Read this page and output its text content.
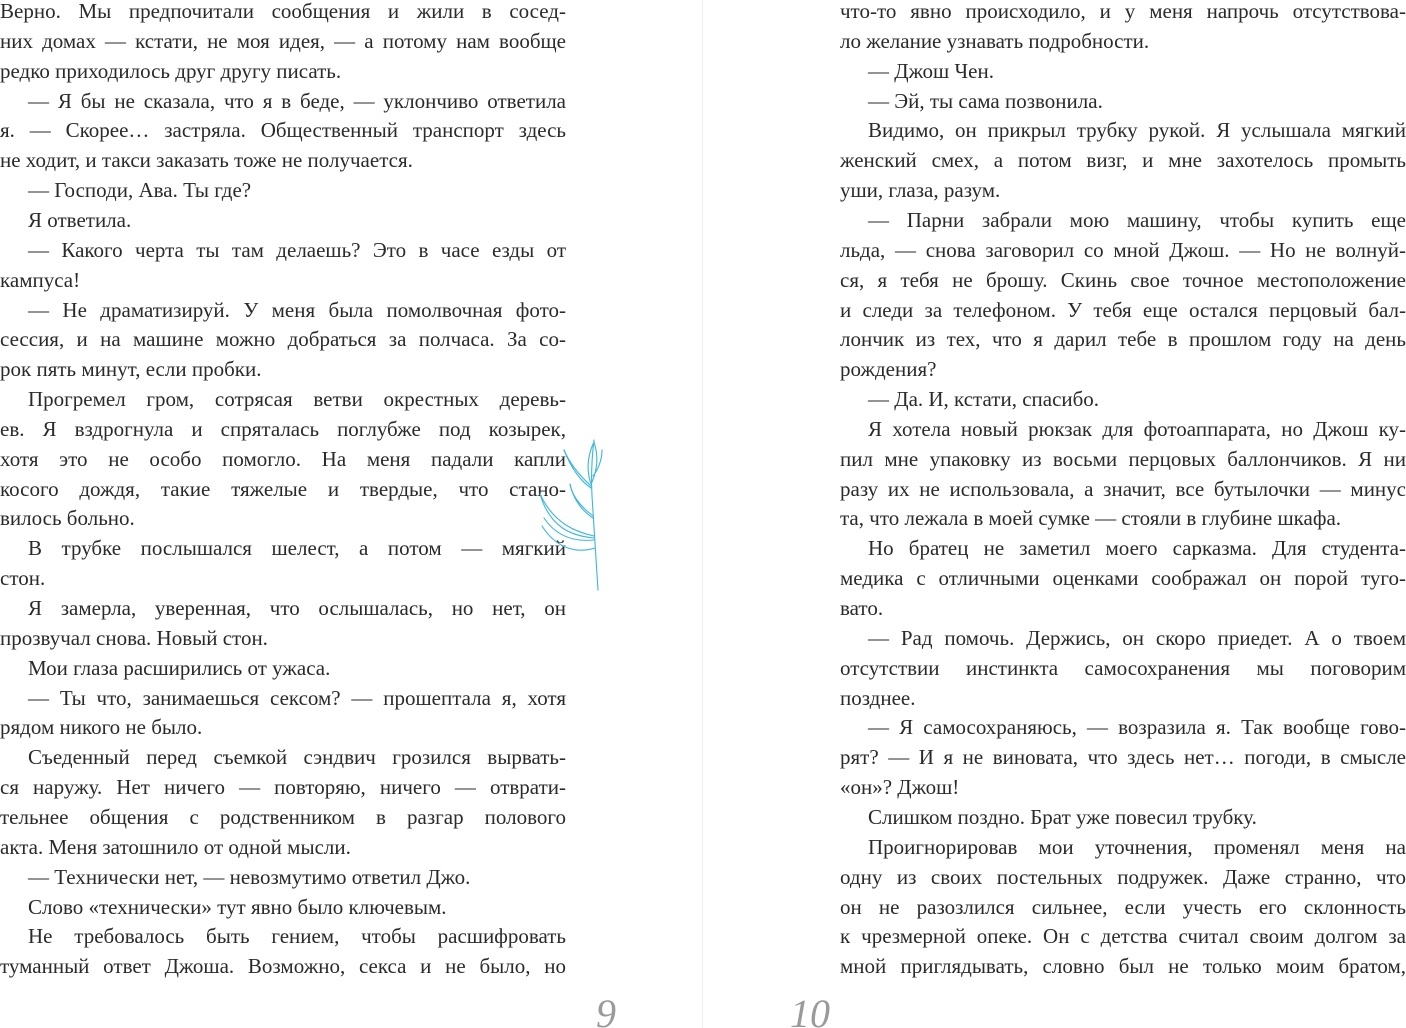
Верно. Мы предпочитали сообщения и жили в сосед-
них домах — кстати, не моя идея, — а потому нам вообще
редко приходилось друг другу писать.
— Я бы не сказала, что я в беде, — уклончиво ответила
я. — Скорее… застряла. Общественный транспорт здесь
не ходит, и такси заказать тоже не получается.
— Господи, Ава. Ты где?
Я ответила.
— Какого черта ты там делаешь? Это в часе езды от
кампуса!
— Не драматизируй. У меня была помолвочная фото-
сессия, и на машине можно добраться за полчаса. За со-
рок пять минут, если пробки.
Прогремел гром, сотрясая ветви окрестных деревь-
ев. Я вздрогнула и спряталась поглубже под козырек,
хотя это не особо помогло. На меня падали капли
косого дождя, такие тяжелые и твердые, что стано-
вилось больно.
В трубке послышался шелест, а потом — мягкий
стон.
Я замерла, уверенная, что ослышалась, но нет, он
прозвучал снова. Новый стон.
Мои глаза расширились от ужаса.
— Ты что, занимаешься сексом? — прошептала я, хотя
рядом никого не было.
Съеденный перед съемкой сэндвич грозился вырвать-
ся наружу. Нет ничего — повторяю, ничего — отврати-
тельнее общения с родственником в разгар полового
акта. Меня затошнило от одной мысли.
— Технически нет, — невозмутимо ответил Джо.
Слово «технически» тут явно было ключевым.
Не требовалось быть гением, чтобы расшифровать
туманный ответ Джоша. Возможно, секса и не было, но
что-то явно происходило, и у меня напрочь отсутствова-
ло желание узнавать подробности.
— Джош Чен.
— Эй, ты сама позвонила.
Видимо, он прикрыл трубку рукой. Я услышала мягкий
женский смех, а потом визг, и мне захотелось промыть
уши, глаза, разум.
— Парни забрали мою машину, чтобы купить еще
льда, — снова заговорил со мной Джош. — Но не волнуй-
ся, я тебя не брошу. Скинь свое точное местоположение
и следи за телефоном. У тебя еще остался перцовый бал-
лончик из тех, что я дарил тебе в прошлом году на день
рождения?
— Да. И, кстати, спасибо.
Я хотела новый рюкзак для фотоаппарата, но Джош ку-
пил мне упаковку из восьми перцовых баллончиков. Я ни
разу их не использовала, а значит, все бутылочки — минус
та, что лежала в моей сумке — стояли в глубине шкафа.
Но братец не заметил моего сарказма. Для студента-
медика с отличными оценками соображал он порой туго-
вато.
— Рад помочь. Держись, он скоро приедет. А о твоем
отсутствии инстинкта самосохранения мы поговорим
позднее.
— Я самосохраняюсь, — возразила я. Так вообще гово-
рят? — И я не виновата, что здесь нет… погоди, в смысле
«он»? Джош!
Слишком поздно. Брат уже повесил трубку.
Проигнорировав мои уточнения, променял меня на
одну из своих постельных подружек. Даже странно, что
он не разозлился сильнее, если учесть его склонность
к чрезмерной опеке. Он с детства считал своим долгом за
мной приглядывать, словно был не только моим братом,
9	10
